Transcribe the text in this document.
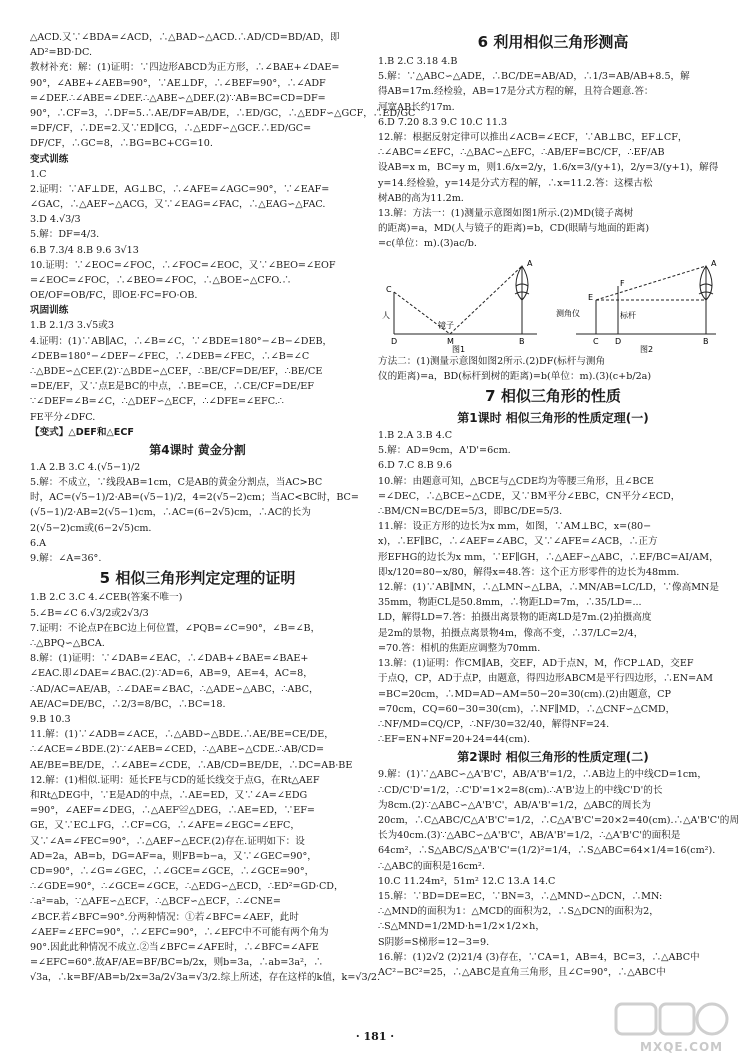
△ACD.又∵∠BDA=∠ACD，∴△BAD∽△ACD.∴AD/CD=BD/AD，即
AD²=BD·DC.
教材补充：解：(1)证明：∵四边形ABCD为正方形，∴∠BAE+∠DAE=
90°，∠ABE+∠AEB=90°，∵AE⊥DF，∴∠BEF=90°，∴∠ADF
=∠DEF.∴∠ABE=∠DEF.∴△ABE∽△DEF.(2)∵AB=BC=CD=DF=
90°，∴CF=3，∴DF=5.∴AE/DF=AB/DE，∴ED/GC，∴△EDF∽△GCF，∴ED/GC
=DF/CF，∴DE=2.又∵ED∥CG，∴△EDF∽△GCF.∴ED/GC=
DF/CF，∴GC=8，∴BG=BC+CG=10.
变式训练
1.C
2.证明：∵AF⊥DE，AG⊥BC，∴∠AFE=∠AGC=90°，∵∠EAF=
∠GAC，∴△AEF∽△ACG，又∵∠EAG=∠FAC，∴△EAG∽△FAC.
3.D 4.√3/3
5.解：DF=4/3.
6.B 7.3/4 8.B 9.6 3√13
10.证明：∵∠EOC=∠FOC，∴∠FOC=∠EOC，又∵∠BEO=∠EOF
=∠EOC=∠FOC，∴∠BEO=∠FOC，∴△BOE∽△CFO.∴
OE/OF=OB/FC，即OE·FC=FO·OB.
巩固训练
1.B 2.1/3 3.√5或3
4.证明：(1)∵AB∥AC，∴∠B=∠C，∵∠BDE=180°−∠B−∠DEB，
∠DEB=180°−∠DEF−∠FEC，∴∠DEB=∠FEC，∴∠B=∠C
∴△BDE∽△CEF.(2)∵△BDE∽△CEF，∴BE/CF=DE/EF，∴BE/CE
=DE/EF，又∵点E是BC的中点，∴BE=CE，∴CE/CF=DE/EF
∵∠DEF=∠B=∠C，∴△DEF∽△ECF，∴∠DFE=∠EFC.∴
FE平分∠DFC.
【变式】△DEF和△ECF
第4课时 黄金分割
1.A 2.B 3.C 4.(√5−1)/2
5.解：不成立，∵线段AB=1cm，C是AB的黄金分割点，当AC>BC
时，AC=(√5−1)/2·AB=(√5−1)/2，4=2(√5−2)cm；当AC<BC时，BC=
(√5−1)/2·AB=2(√5−1)cm，∴AC=(6−2√5)cm，∴AC的长为
2(√5−2)cm或(6−2√5)cm.
6.A
9.解：∠A=36°.
5 相似三角形判定定理的证明
1.B 2.C 3.C 4.∠CEB(答案不唯一)
5.∠B=∠C 6.√3/2或2√3/3
7.证明：不论点P在BC边上何位置，∠PQB=∠C=90°，∠B=∠B，
∴△BPQ∽△BCA.
8.解：(1)证明：∵∠DAB=∠EAC，∴∠DAB+∠BAE=∠BAE+
∠EAC.即∠DAE=∠BAC.(2)∵AD=6，AB=9，AE=4，AC=8，
∴AD/AC=AE/AB，∴∠DAE=∠BAC，∴△ADE∽△ABC，∴ABC，
AE/AC=DE/BC，∴2/3=8/BC，∴BC=18.
9.B 10.3
11.解：(1)∵∠ADB=∠ACE，∴△ABD∽△BDE.∴AE/BE=CE/DE，
∴∠ACE=∠BDE.(2)∵∠AEB=∠CED，∴△ABE∽△CDE.∴AB/CD=
AE/BE=BE/DE，∴∠ABE=∠CDE，∴AB/CD=BE/DE，∴DC=AB·BE
12.解：(1)相似.证明：延长FE与CD的延长线交于点G，在Rt△AEF
和Rt△DEG中，∵E是AD的中点，∴AE=ED，又∵∠A=∠EDG
=90°，∠AEF=∠DEG，∴△AEF≌△DEG，∴AE=ED，∵EF=
GE，又∵EC⊥FG，∴CF=CG，∴∠AFE=∠EGC=∠EFC，
又∵∠A=∠FEC=90°，∴△AEF∽△ECF.(2)存在.证明如下：设
AD=2a，AB=b，DG=AF=a，则FB=b−a，又∵∠GEC=90°，
CD=90°，∴∠G=∠GEC，∴∠GCE=∠GCE，∴∠GCE=90°，
∴∠GDE=90°，∴∠GCE=∠GCE，∴△EDG∽△ECD，∴ED²=GD·CD，
∴a²=ab，∵△AFE∽△ECF，∴△BCF∽△ECF，∴∠CNE=
∠BCF.若∠BFC=90°.分两种情况：①若∠BFC=∠AEF，此时
∠AEF=∠EFC=90°，∴∠EFC=90°，∴∠EFC中不可能有两个角为
90°.因此此种情况不成立.②当∠BFC=∠AFE时，∴∠BFC=∠AFE
=∠EFC=60°.故AF/AE=BF/BC=b/2x，则b=3a，∴ab=3a²，∴
√3a，∴k=BF/AB=b/2x=3a/2√3a=√3/2.综上所述，存在这样的k值，k=√3/2.
6 利用相似三角形测高
1.B 2.C 3.18 4.B
5.解：∵△ABC∽△ADE，∴BC/DE=AB/AD，∴1/3=AB/AB+8.5，解
得AB=17m.经检验，AB=17是分式方程的解，且符合题意.答：
河宽AB长约17m.
6.D 7.20 8.3 9.C 10.C 11.3
12.解：根据反射定律可以推出∠ACB=∠ECF，∵AB⊥BC，EF⊥CF，
∴∠ABC=∠EFC，∴△BAC∽△EFC，∴AB/EF=BC/CF，∴EF/AB
设AB=x m，BC=y m，则1.6/x=2/y，1.6/x=3/(y+1)，2/y=3/(y+1)，解得
y=14.经检验，y=14是分式方程的解，∴x=11.2.答：这棵古松
树AB的高为11.2m.
13.解：方法一：(1)测量示意图如图1所示.(2)MD(镜子离树
的距离)=a，MD(人与镜子的距离)=b，CD(眼睛与地面的距离)
=c(单位：m).(3)ac/b.
C
人
镜子
D	M	B
A
图1
E
F
测角仪	标杆
C D	B
A
图2
方法二：(1)测量示意图如图2所示.(2)DF(标杆与测角
仪的距离)=a，BD(标杆到树的距离)=b(单位：m).(3)(c+b/2a)
7 相似三角形的性质
第1课时 相似三角形的性质定理(一)
1.B 2.A 3.B 4.C
5.解：AD=9cm，A'D'=6cm.
6.D 7.C 8.B 9.6
10.解：由题意可知，△BCE与△CDE均为等腰三角形，且∠BCE
=∠DEC，∴△BCE∽△CDE，又∵BM平分∠EBC，CN平分∠ECD，
∴BM/CN=BC/DE=5/3，即BC/DE=5/3.
11.解：设正方形的边长为x mm，如图，∵AM⊥BC，x=(80−
x)，∴EF∥BC，∴∠AEF=∠ABC，又∵∠AFE=∠ACB，∴正方
形EFHG的边长为x mm，∵EF∥GH，∴△AEF∽△ABC，∴EF/BC=AI/AM，
即x/120=80−x/80，解得x=48.答：这个正方形零件的边长为48mm.
12.解：(1)∵AB∥MN，∴△LMN∽△LBA，∴MN/AB=LC/LD，∵像高MN是
35mm，物距CL是50.8mm，∴物距LD=7m，∴35/LD=...
LD，解得LD=7.答：拍摄出离景物的距离LD是7m.(2)拍摄高度
是2m的景物，拍摄点离景物4m，像高不变，∴37/LC=2/4，
=70.答：相机的焦距应调整为70mm.
13.解：(1)证明：作CM∥AB，交EF，AD于点N，M，作CP⊥AD，交EF
于点Q，CP，AD于点P，由题意，得四边形ABCM是平行四边形，∴EN=AM
=BC=20cm，∴MD=AD−AM=50−20=30(cm).(2)由题意，CP
=70cm，CQ=60−30=30(cm)，∴NF∥MD，∴△CNF∽△CMD，
∴NF/MD=CQ/CP，∴NF/30=32/40，解得NF=24.
∴EF=EN+NF=20+24=44(cm).
第2课时 相似三角形的性质定理(二)
9.解：(1)∵△ABC∽△A'B'C'，AB/A'B'=1/2，∴AB边上的中线CD=1cm，
∴CD/C'D'=1/2，∴C'D'=1×2=8(cm).∴A'B'边上的中线C'D'的长
为8cm.(2)∵△ABC∽△A'B'C'，AB/A'B'=1/2，△ABC的周长为
20cm，∴C△ABC/C△A'B'C'=1/2，∴C△A'B'C'=20×2=40(cm).∴△A'B'C'的周
长为40cm.(3)∵△ABC∽△A'B'C'，AB/A'B'=1/2，∴△A'B'C'的面积是
64cm²，∴S△ABC/S△A'B'C'=(1/2)²=1/4，∴S△ABC=64×1/4=16(cm²).
∴△ABC的面积是16cm².
10.C 11.24m²，51m² 12.C 13.A 14.C
15.解：∵BD=DE=EC，∵BN=3，∴△MND∽△DCN，∴MN:
∴△MND的面积为1：△MCD的面积为2，∴S△DCN的面积为2，
∴S△MND=1/2MD·h=1/2×1/2×h，
S阴影=S梯形=12−3=9.
16.解：(1)2√2 (2)21/4 (3)存在，∵CA=1，AB=4，BC=3，∴△ABC中
AC²−BC²=25，∴△ABC是直角三角形，且∠C=90°，∴△ABC中
· 181 ·
MXQE.COM
